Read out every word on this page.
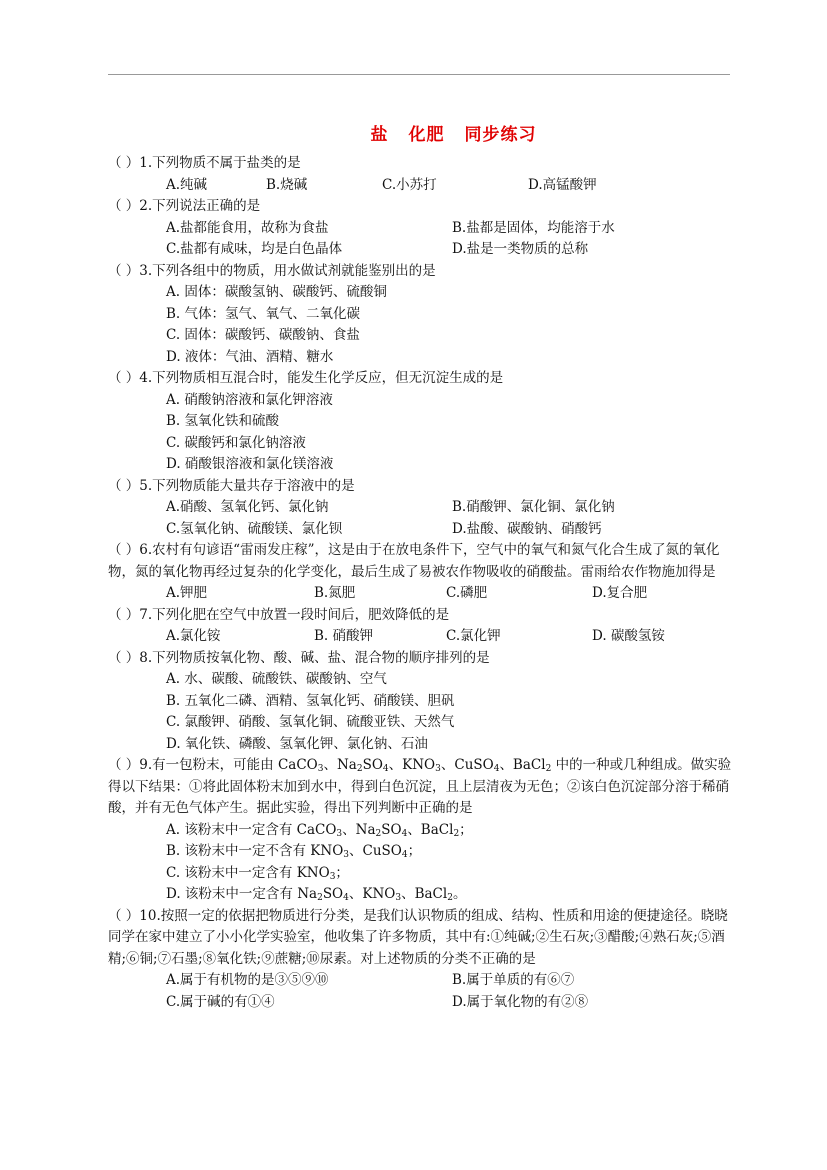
盐 化肥 同步练习
（ ）1.下列物质不属于盐类的是
A.纯碱	B.烧碱	C.小苏打	D.高锰酸钾
（ ）2.下列说法正确的是
A.盐都能食用，故称为食盐	B.盐都是固体，均能溶于水
C.盐都有咸味，均是白色晶体	D.盐是一类物质的总称
（ ）3.下列各组中的物质，用水做试剂就能鉴别出的是
A. 固体：碳酸氢钠、碳酸钙、硫酸铜
B. 气体：氢气、氧气、二氧化碳
C. 固体：碳酸钙、碳酸钠、食盐
D. 液体：气油、酒精、糖水
（ ）4.下列物质相互混合时，能发生化学反应，但无沉淀生成的是
A. 硝酸钠溶液和氯化钾溶液
B. 氢氧化铁和硫酸
C. 碳酸钙和氯化钠溶液
D. 硝酸银溶液和氯化镁溶液
（ ）5.下列物质能大量共存于溶液中的是
A.硝酸、氢氧化钙、氯化钠	B.硝酸钾、氯化铜、氯化钠
C.氢氧化钠、硫酸镁、氯化钡	D.盐酸、碳酸钠、硝酸钙
（ ）6.农村有句谚语“雷雨发庄稼”，这是由于在放电条件下，空气中的氧气和氮气化合生成了氮的氧化物，氮的氧化物再经过复杂的化学变化，最后生成了易被农作物吸收的硝酸盐。雷雨给农作物施加得是
A.钾肥	B.氮肥	C.磷肥	D.复合肥
（ ）7.下列化肥在空气中放置一段时间后，肥效降低的是
A.氯化铵	B. 硝酸钾	C.氯化钾	D. 碳酸氢铵
（ ）8.下列物质按氧化物、酸、碱、盐、混合物的顺序排列的是
A. 水、碳酸、硫酸铁、碳酸钠、空气
B. 五氧化二磷、酒精、氢氧化钙、硝酸镁、胆矾
C. 氯酸钾、硝酸、氢氧化铜、硫酸亚铁、天然气
D. 氧化铁、磷酸、氢氧化钾、氯化钠、石油
（ ）9.有一包粉末，可能由 CaCO$_3$、$Na_2SO_4$、$KNO_3$、CuSO$_4$、BaCl$_2$ 中的一种或几种组成。做实验得以下结果：①将此固体粉末加到水中，得到白色沉淀，且上层清夜为无色；②该白色沉淀部分溶于稀硝酸，并有无色气体产生。据此实验，得出下列判断中正确的是
A. 该粉末中一定含有 CaCO$_3$、$Na_2SO_4$、BaCl$_2$；
B. 该粉末中一定不含有 $KNO_3$、CuSO$_4$；
C. 该粉末中一定含有 $KNO_3$；
D. 该粉末中一定含有 $Na_2SO_4$、$KNO_3$、BaCl$_2$。
（ ）10.按照一定的依据把物质进行分类，是我们认识物质的组成、结构、性质和用途的便捷途径。晓晓同学在家中建立了小小化学实验室，他收集了许多物质，其中有:①纯碱;②生石灰;③醋酸;④熟石灰;⑤酒精;⑥铜;⑦石墨;⑧氧化铁;⑨蔗糖;⑩尿素。对上述物质的分类不正确的是
A.属于有机物的是③⑤⑨⑩	B.属于单质的有⑥⑦
C.属于碱的有①④	D.属于氧化物的有②⑧
